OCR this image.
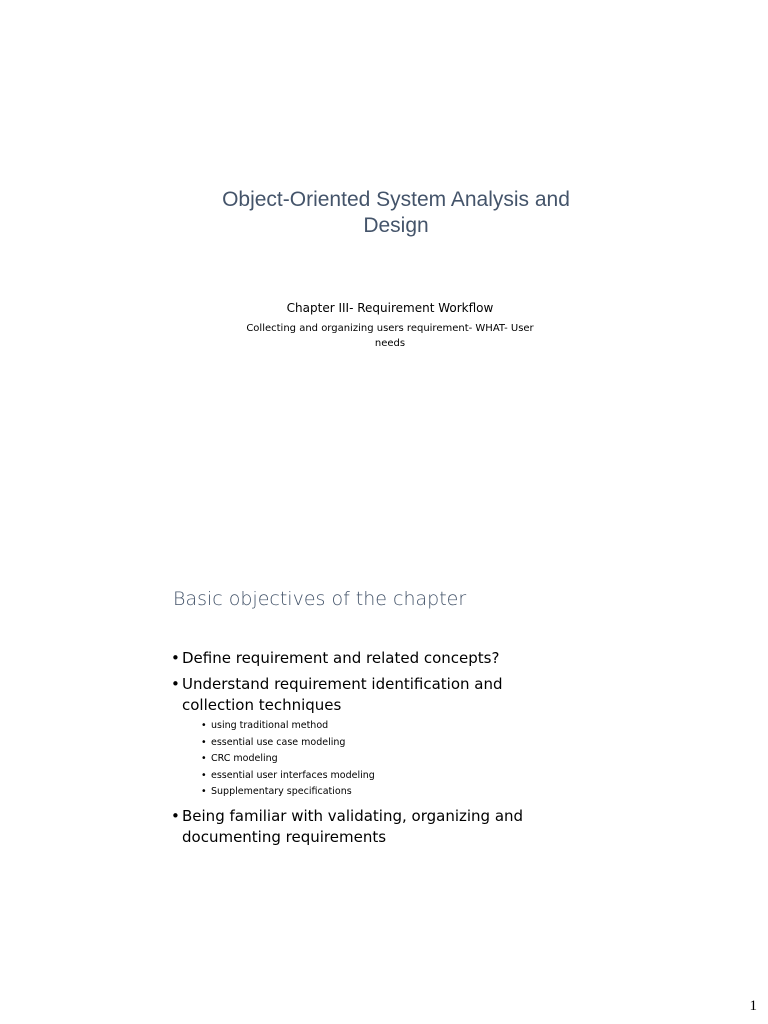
Object-Oriented System Analysis and
Design
Chapter III- Requirement Workflow
Collecting and organizing users requirement- WHAT- User
needs
Basic objectives of the chapter
• Define requirement and related concepts?
• Understand requirement identification and
collection techniques
• using traditional method
• essential use case modeling
• CRC modeling
• essential user interfaces modeling
• Supplementary specifications
• Being familiar with validating, organizing and
documenting requirements
1
